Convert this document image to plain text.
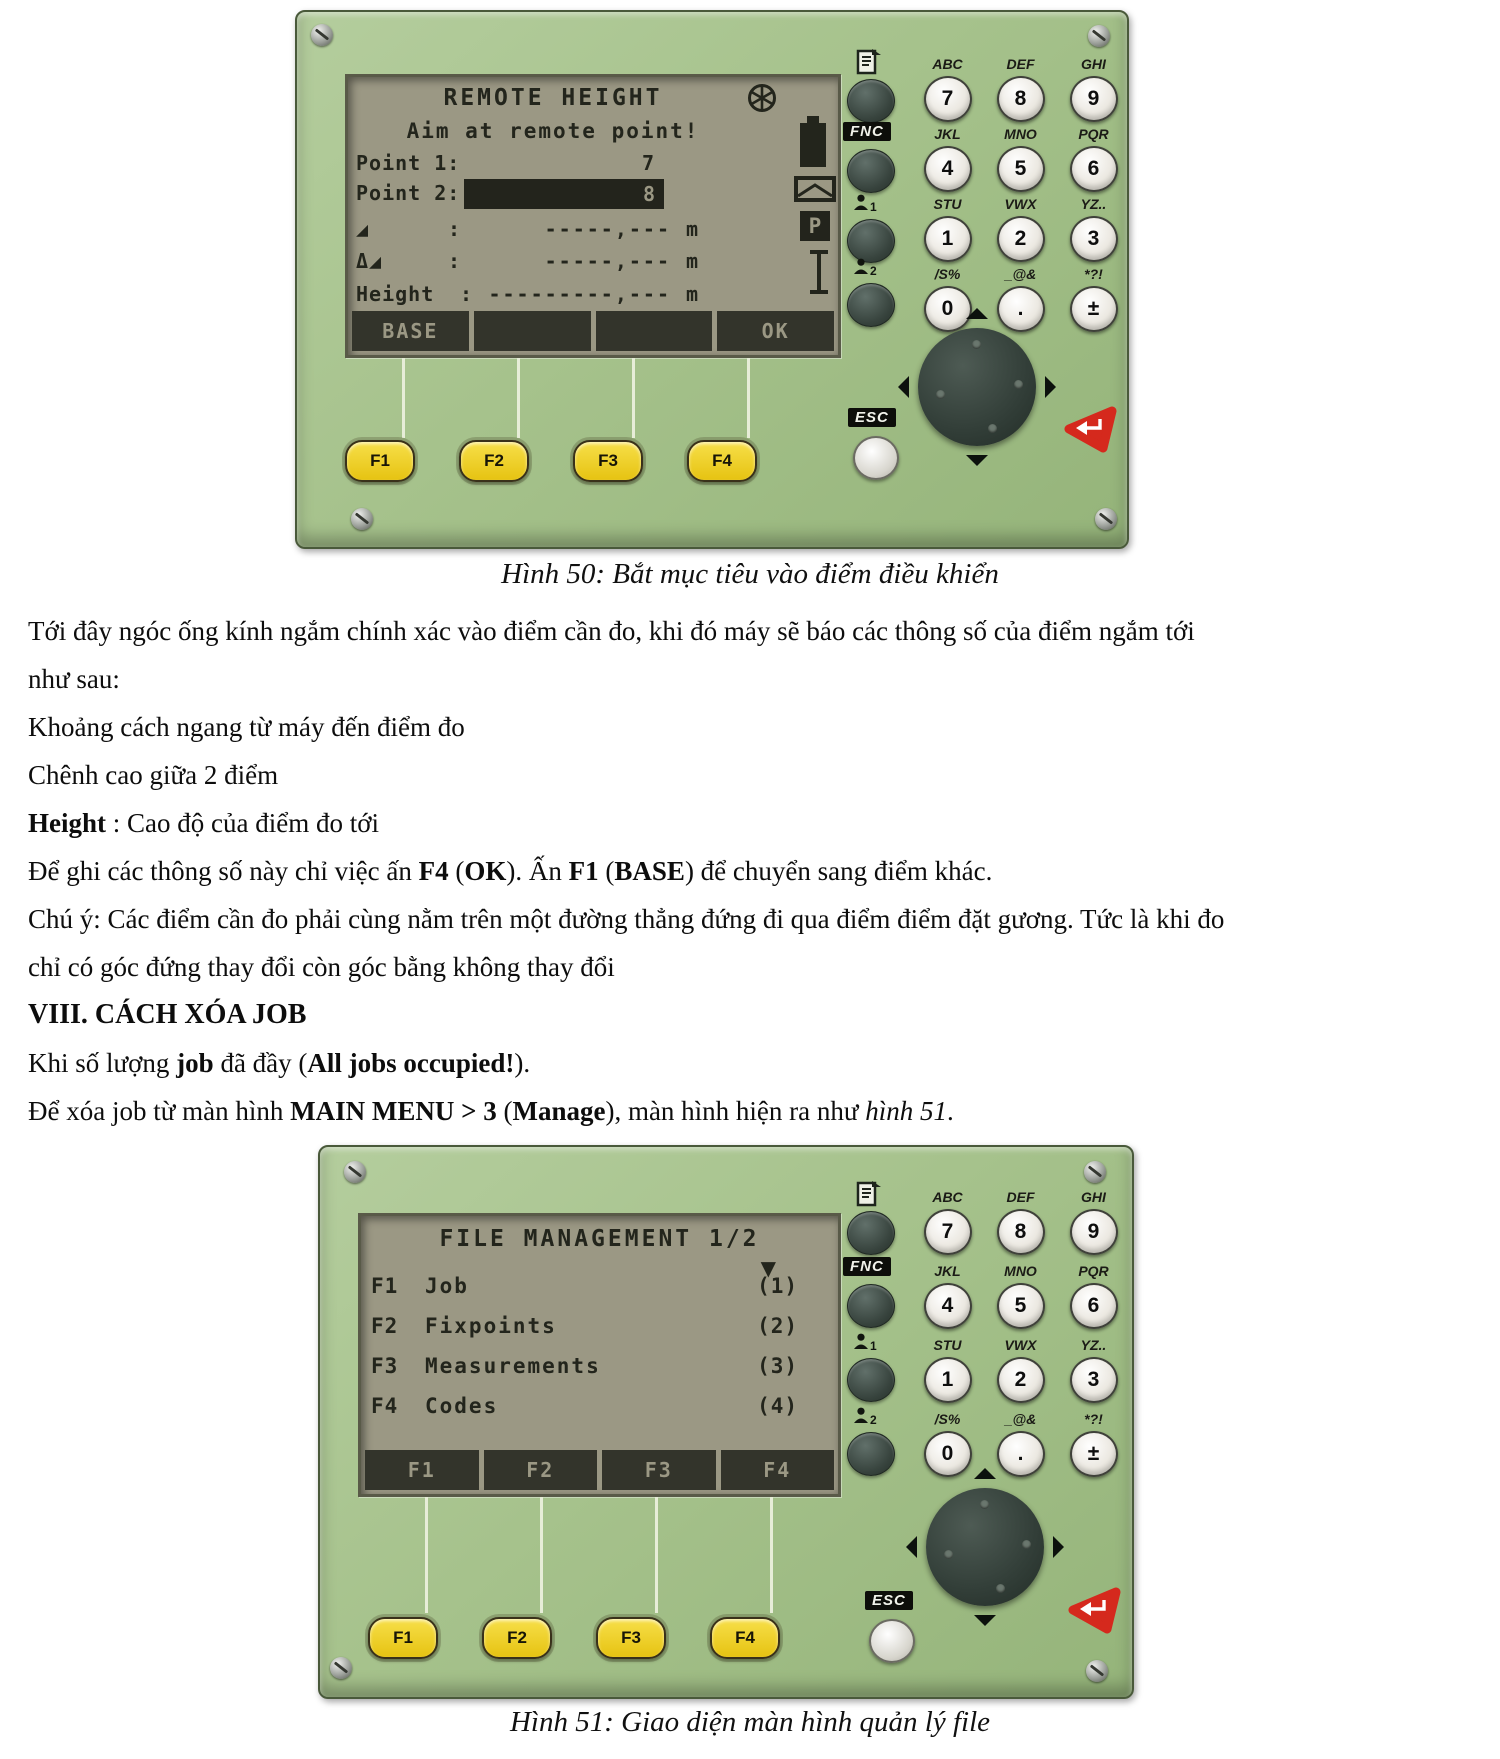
REMOTE HEIGHT
Aim at remote point!
Point 1:	7
Point 2:	8
◢	:	-----,--- m
Δ◢	:	-----,--- m
Height : ---------,--- m
P
BASE	OK
F1	F2	F3	F4
FNC
1
2
ABC
7
DEF
8
GHI
9
JKL
4
MNO
5
PQR
6
STU
1
VWX
2
YZ..
3
/S%
0
_@&
.
*?!
±
ESC
Hình 50: Bắt mục tiêu vào điểm điều khiển

Tới đây ngóc ống kính ngắm chính xác vào điểm cần đo, khi đó máy sẽ báo các thông số của điểm ngắm tới
như sau:

Khoảng cách ngang từ máy đến điểm đo

Chênh cao giữa 2 điểm

Height : Cao độ của điểm đo tới

Để ghi các thông số này chỉ việc ấn F4 (OK). Ấn F1 (BASE) để chuyển sang điểm khác.

Chú ý: Các điểm cần đo phải cùng nằm trên một đường thẳng đứng đi qua điểm điểm đặt gương. Tức là khi đo
chỉ có góc đứng thay đổi còn góc bằng không thay đổi

VIII. CÁCH XÓA JOB

Khi số lượng job đã đầy (All jobs occupied!).

Để xóa job từ màn hình MAIN MENU > 3 (Manage), màn hình hiện ra như hình 51.

FILE MANAGEMENT 1/2
▼
F1 Job	(1)
F2 Fixpoints	(2)
F3 Measurements	(3)
F4 Codes	(4)
F1	F2	F3	F4
F1	F2	F3	F4
FNC
1
2
ABC
7
DEF
8
GHI
9
JKL
4
MNO
5
PQR
6
STU
1
VWX
2
YZ..
3
/S%
0
_@&
.
*?!
±
ESC
Hình 51: Giao diện màn hình quản lý file
